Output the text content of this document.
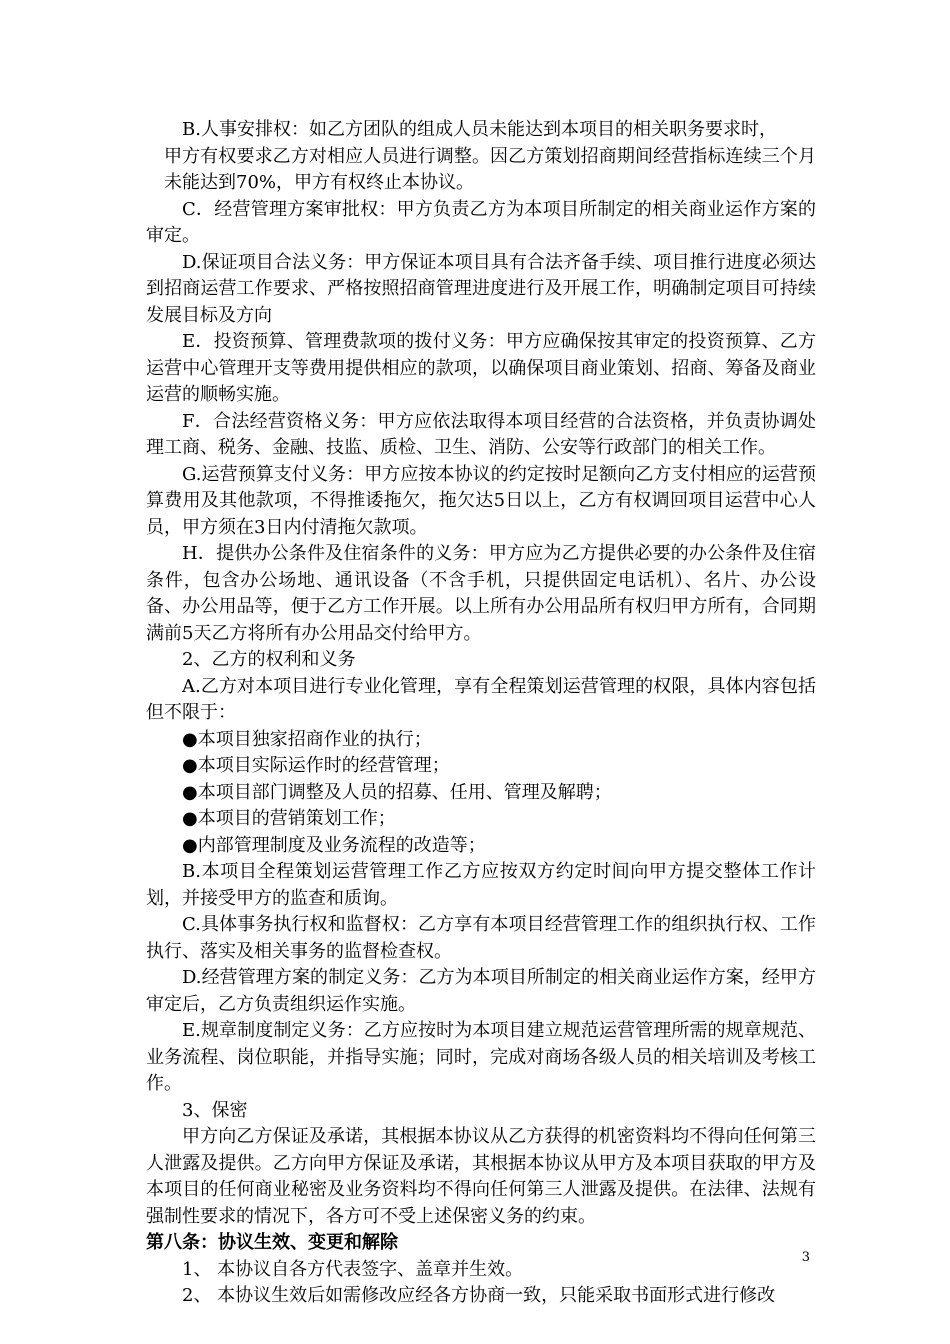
B.人事安排权：如乙方团队的组成人员未能达到本项目的相关职务要求时，

甲方有权要求乙方对相应人员进行调整。因乙方策划招商期间经营指标连续三个月未能达到70%，甲方有权终止本协议。

C．经营管理方案审批权：甲方负责乙方为本项目所制定的相关商业运作方案的审定。

D.保证项目合法义务：甲方保证本项目具有合法齐备手续、项目推行进度必须达到招商运营工作要求、严格按照招商管理进度进行及开展工作，明确制定项目可持续发展目标及方向

E．投资预算、管理费款项的拨付义务：甲方应确保按其审定的投资预算、乙方运营中心管理开支等费用提供相应的款项，以确保项目商业策划、招商、筹备及商业运营的顺畅实施。

F．合法经营资格义务：甲方应依法取得本项目经营的合法资格，并负责协调处理工商、税务、金融、技监、质检、卫生、消防、公安等行政部门的相关工作。

G.运营预算支付义务：甲方应按本协议的约定按时足额向乙方支付相应的运营预算费用及其他款项，不得推诿拖欠，拖欠达5日以上，乙方有权调回项目运营中心人员，甲方须在3日内付清拖欠款项。

H．提供办公条件及住宿条件的义务：甲方应为乙方提供必要的办公条件及住宿条件，包含办公场地、通讯设备（不含手机，只提供固定电话机）、名片、办公设备、办公用品等，便于乙方工作开展。以上所有办公用品所有权归甲方所有，合同期满前5天乙方将所有办公用品交付给甲方。

2、乙方的权利和义务

A.乙方对本项目进行专业化管理，享有全程策划运营管理的权限，具体内容包括但不限于：

●本项目独家招商作业的执行；

●本项目实际运作时的经营管理；

●本项目部门调整及人员的招募、任用、管理及解聘；

●本项目的营销策划工作；

●内部管理制度及业务流程的改造等；

B.本项目全程策划运营管理工作乙方应按双方约定时间向甲方提交整体工作计划，并接受甲方的监查和质询。

C.具体事务执行权和监督权：乙方享有本项目经营管理工作的组织执行权、工作执行、落实及相关事务的监督检查权。

D.经营管理方案的制定义务：乙方为本项目所制定的相关商业运作方案，经甲方审定后，乙方负责组织运作实施。

E.规章制度制定义务：乙方应按时为本项目建立规范运营管理所需的规章规范、业务流程、岗位职能，并指导实施；同时，完成对商场各级人员的相关培训及考核工作。

3、保密

甲方向乙方保证及承诺，其根据本协议从乙方获得的机密资料均不得向任何第三人泄露及提供。乙方向甲方保证及承诺，其根据本协议从甲方及本项目获取的甲方及本项目的任何商业秘密及业务资料均不得向任何第三人泄露及提供。在法律、法规有强制性要求的情况下，各方可不受上述保密义务的约束。

第八条：协议生效、变更和解除

1、 本协议自各方代表签字、盖章并生效。

2、 本协议生效后如需修改应经各方协商一致，只能采取书面形式进行修改

3
